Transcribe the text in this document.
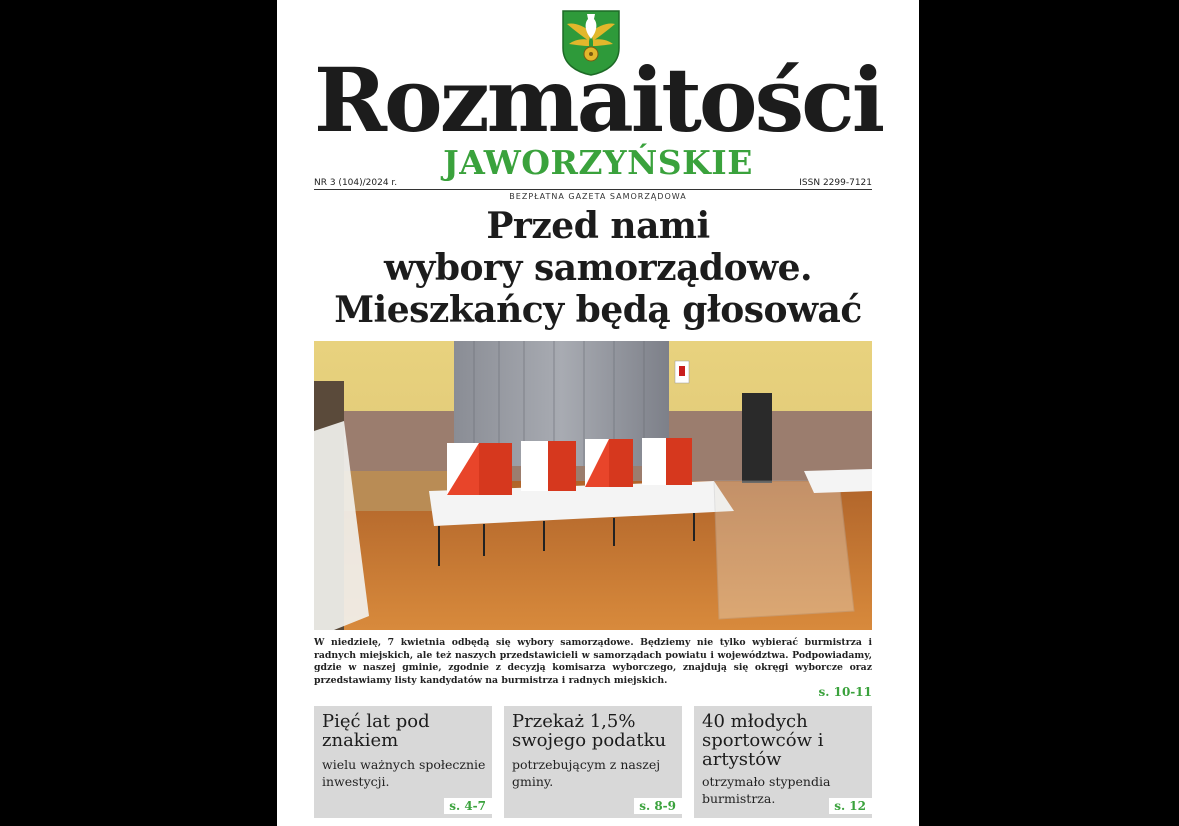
Rozmaitości
JAWORZYŃSKIE
NR 3 (104)/2024 r.	ISSN 2299-7121
BEZPŁATNA GAZETA SAMORZĄDOWA
Przed nami
wybory samorządowe.
Mieszkańcy będą głosować
W niedzielę, 7 kwietnia odbędą się wybory samorządowe. Będziemy nie tylko wybierać burmistrza i radnych miejskich, ale też naszych przedstawicieli w samorządach powiatu i województwa. Podpowiadamy, gdzie w naszej gminie, zgodnie z decyzją komisarza wyborczego, znajdują się okręgi wyborcze oraz przedstawiamy listy kandydatów na burmistrza i radnych miejskich.
s. 10-11
Pięć lat pod znakiem
wielu ważnych społecznie inwestycji.
s. 4-7
Przekaż 1,5% swojego podatku
potrzebującym z naszej gminy.
s. 8-9
40 młodych sportowców i artystów
otrzymało stypendia burmistrza.	s. 12
